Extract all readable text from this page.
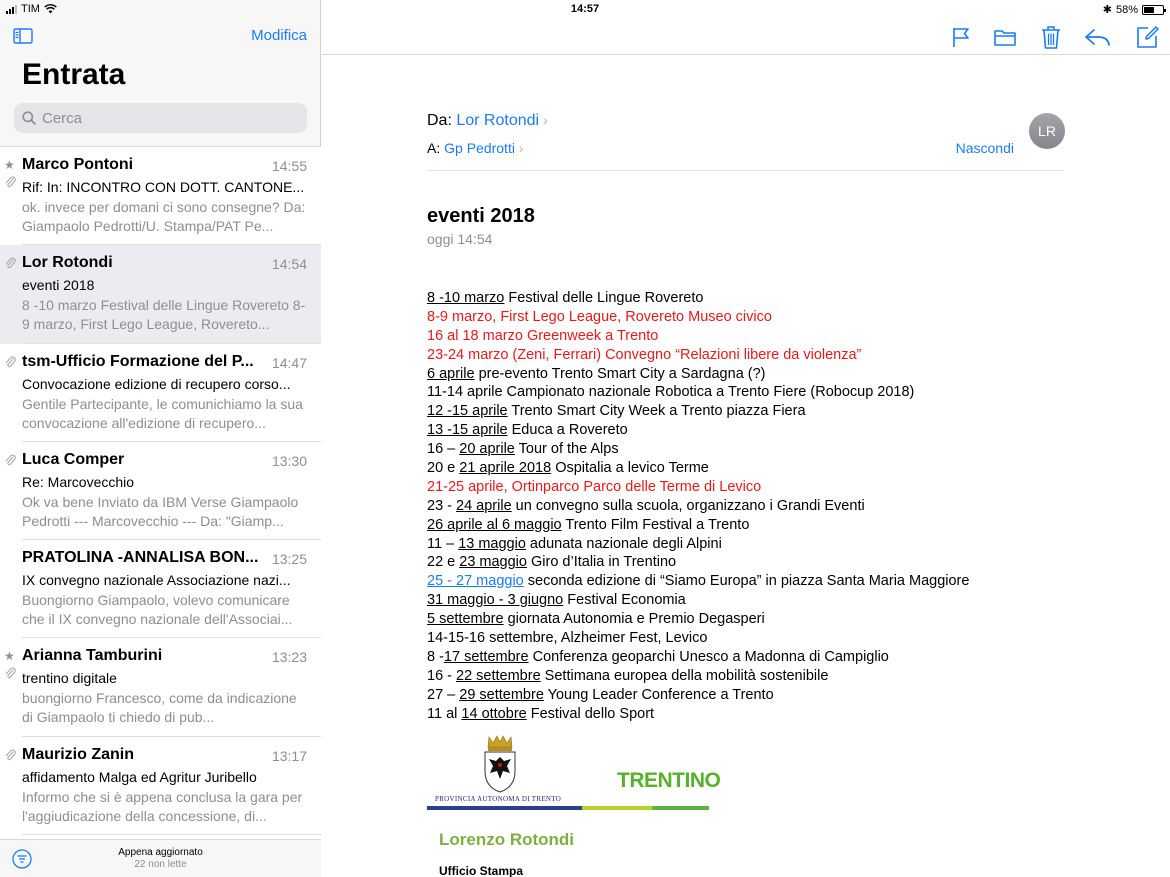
TIM	14:57	✱ 58%
Modifica
Entrata
Cerca
★ Marco Pontoni	14:55
Rif: In: INCONTRO CON DOTT. CANTONE...
ok. invece per domani ci sono consegne? Da: Giampaolo Pedrotti/U. Stampa/PAT Pe...
Lor Rotondi	14:54
eventi 2018
8 -10 marzo Festival delle Lingue Rovereto 8-9 marzo, First Lego League, Rovereto...
tsm-Ufficio Formazione del P...	14:47
Convocazione edizione di recupero corso...
Gentile Partecipante, le comunichiamo la sua convocazione all'edizione di recupero...
Luca Comper	13:30
Re: Marcovecchio
Ok va bene Inviato da IBM Verse Giampaolo Pedrotti --- Marcovecchio --- Da: "Giamp...
PRATOLINA -ANNALISA BON... 13:25
IX convegno nazionale Associazione nazi...
Buongiorno Giampaolo, volevo comunicare che il IX convegno nazionale dell'Associai...
★ Arianna Tamburini	13:23
trentino digitale
buongiorno Francesco, come da indicazione di Giampaolo ti chiedo di pub...
Maurizio Zanin	13:17
affidamento Malga ed Agritur Juribello
Informo che si è appena conclusa la gara per l'aggiudicazione della concessione, di...
Appena aggiornato
22 non lette
Da: Lor Rotondi ›
A: Gp Pedrotti ›	Nascondi
LR
eventi 2018
oggi 14:54
8 -10 marzo Festival delle Lingue Rovereto
8-9 marzo, First Lego League, Rovereto Museo civico
16 al 18 marzo Greenweek a Trento
23-24 marzo (Zeni, Ferrari) Convegno “Relazioni libere da violenza”
6 aprile pre-evento Trento Smart City a Sardagna (?)
11-14 aprile Campionato nazionale Robotica a Trento Fiere (Robocup 2018)
12 -15 aprile Trento Smart City Week a Trento piazza Fiera
13 -15 aprile Educa a Rovereto
16 – 20 aprile Tour of the Alps
20 e 21 aprile 2018 Ospitalia a levico Terme
21-25 aprile, Ortinparco Parco delle Terme di Levico
23 - 24 aprile un convegno sulla scuola, organizzano i Grandi Eventi
26 aprile al 6 maggio Trento Film Festival a Trento
11 – 13 maggio adunata nazionale degli Alpini
22 e 23 maggio Giro d’Italia in Trentino
25 - 27 maggio seconda edizione di “Siamo Europa” in piazza Santa Maria Maggiore
31 maggio - 3 giugno Festival Economia
5 settembre giornata Autonomia e Premio Degasperi
14-15-16 settembre, Alzheimer Fest, Levico
8 -17 settembre Conferenza geoparchi Unesco a Madonna di Campiglio
16 - 22 settembre Settimana europea della mobilità sostenibile
27 – 29 settembre Young Leader Conference a Trento
11 al 14 ottobre Festival dello Sport
PROVINCIA AUTONOMA DI TRENTO
TRENTINO
Lorenzo Rotondi
Ufficio Stampa
